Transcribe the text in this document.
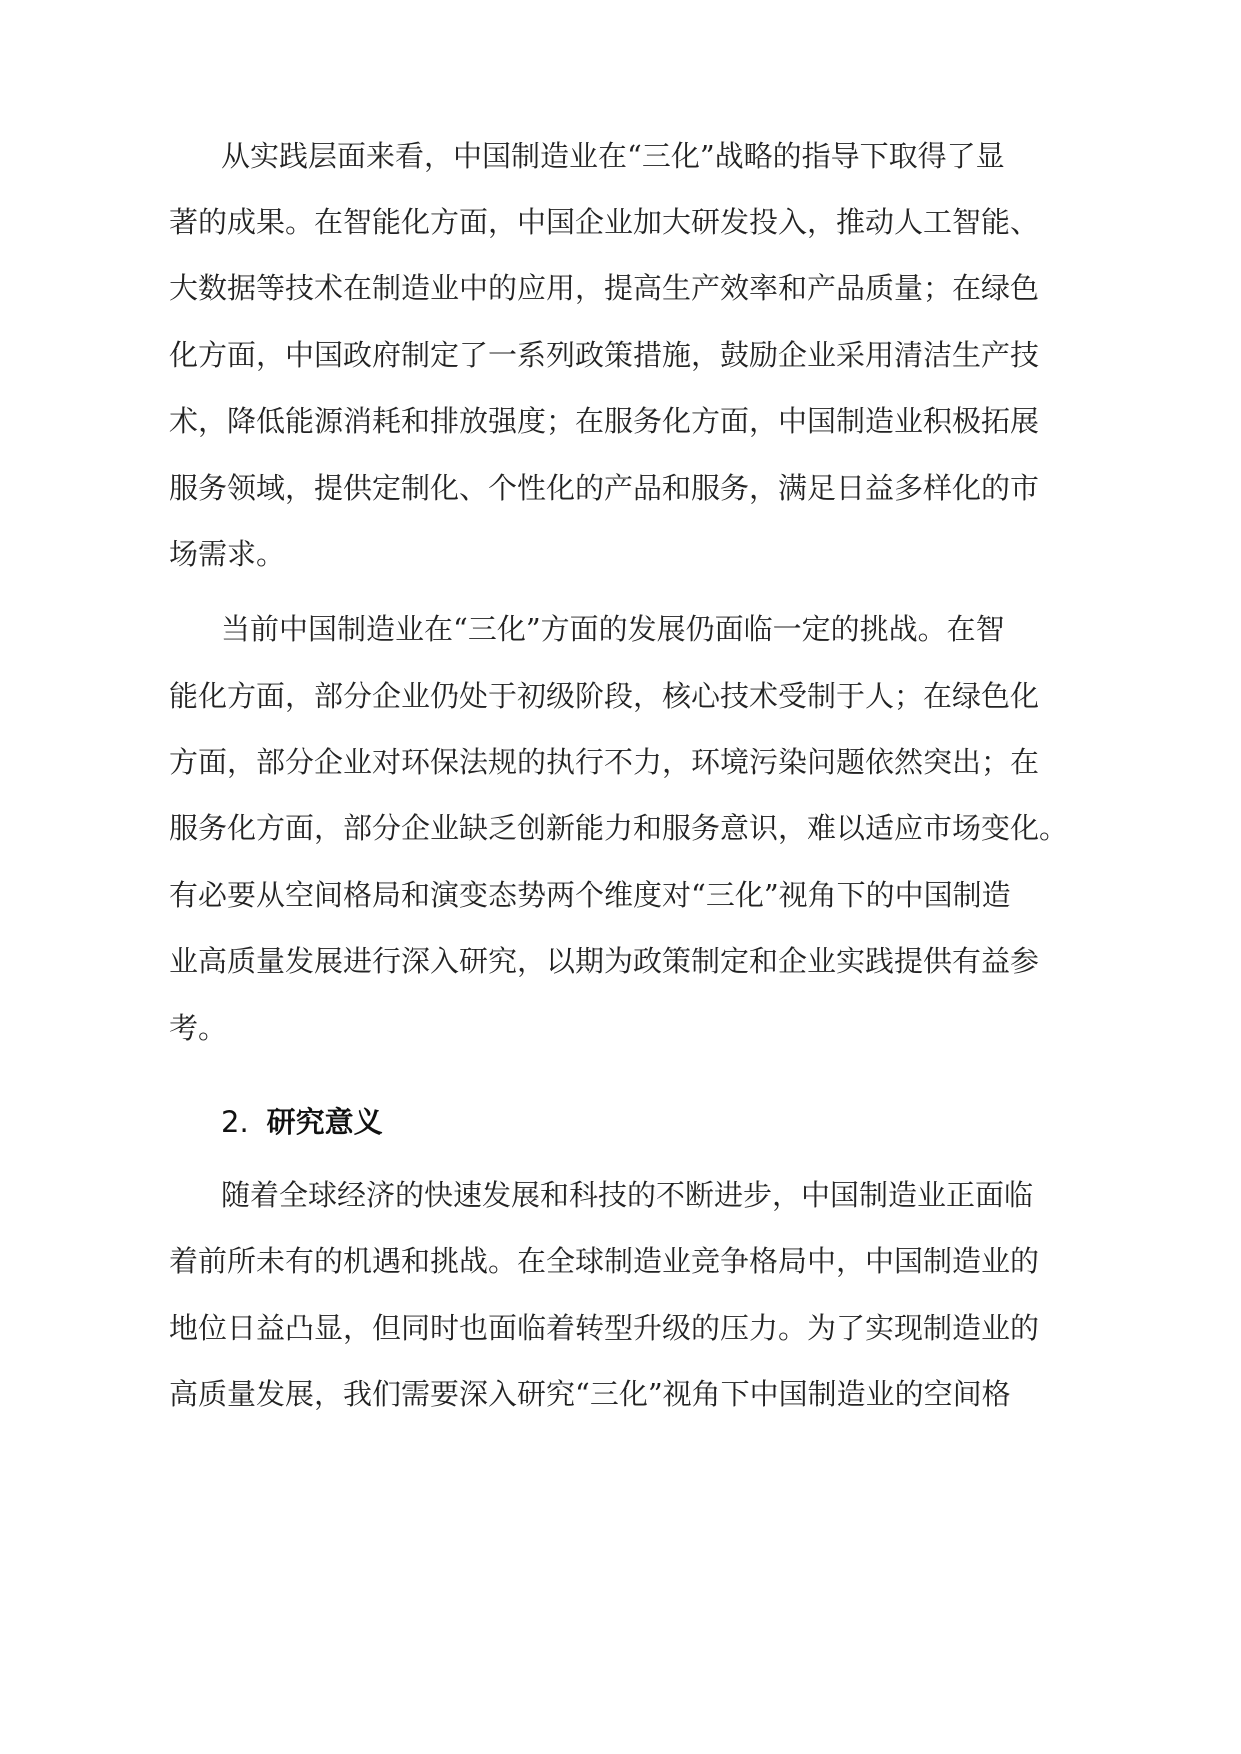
从实践层面来看，中国制造业在“三化”战略的指导下取得了显

著的成果。在智能化方面，中国企业加大研发投入，推动人工智能、

大数据等技术在制造业中的应用，提高生产效率和产品质量；在绿色

化方面，中国政府制定了一系列政策措施，鼓励企业采用清洁生产技

术，降低能源消耗和排放强度；在服务化方面，中国制造业积极拓展

服务领域，提供定制化、个性化的产品和服务，满足日益多样化的市

场需求。

当前中国制造业在“三化”方面的发展仍面临一定的挑战。在智

能化方面，部分企业仍处于初级阶段，核心技术受制于人；在绿色化

方面，部分企业对环保法规的执行不力，环境污染问题依然突出；在

服务化方面，部分企业缺乏创新能力和服务意识，难以适应市场变化。

有必要从空间格局和演变态势两个维度对“三化”视角下的中国制造

业高质量发展进行深入研究，以期为政策制定和企业实践提供有益参

考。

2. 研究意义

随着全球经济的快速发展和科技的不断进步，中国制造业正面临

着前所未有的机遇和挑战。在全球制造业竞争格局中，中国制造业的

地位日益凸显，但同时也面临着转型升级的压力。为了实现制造业的

高质量发展，我们需要深入研究“三化”视角下中国制造业的空间格
